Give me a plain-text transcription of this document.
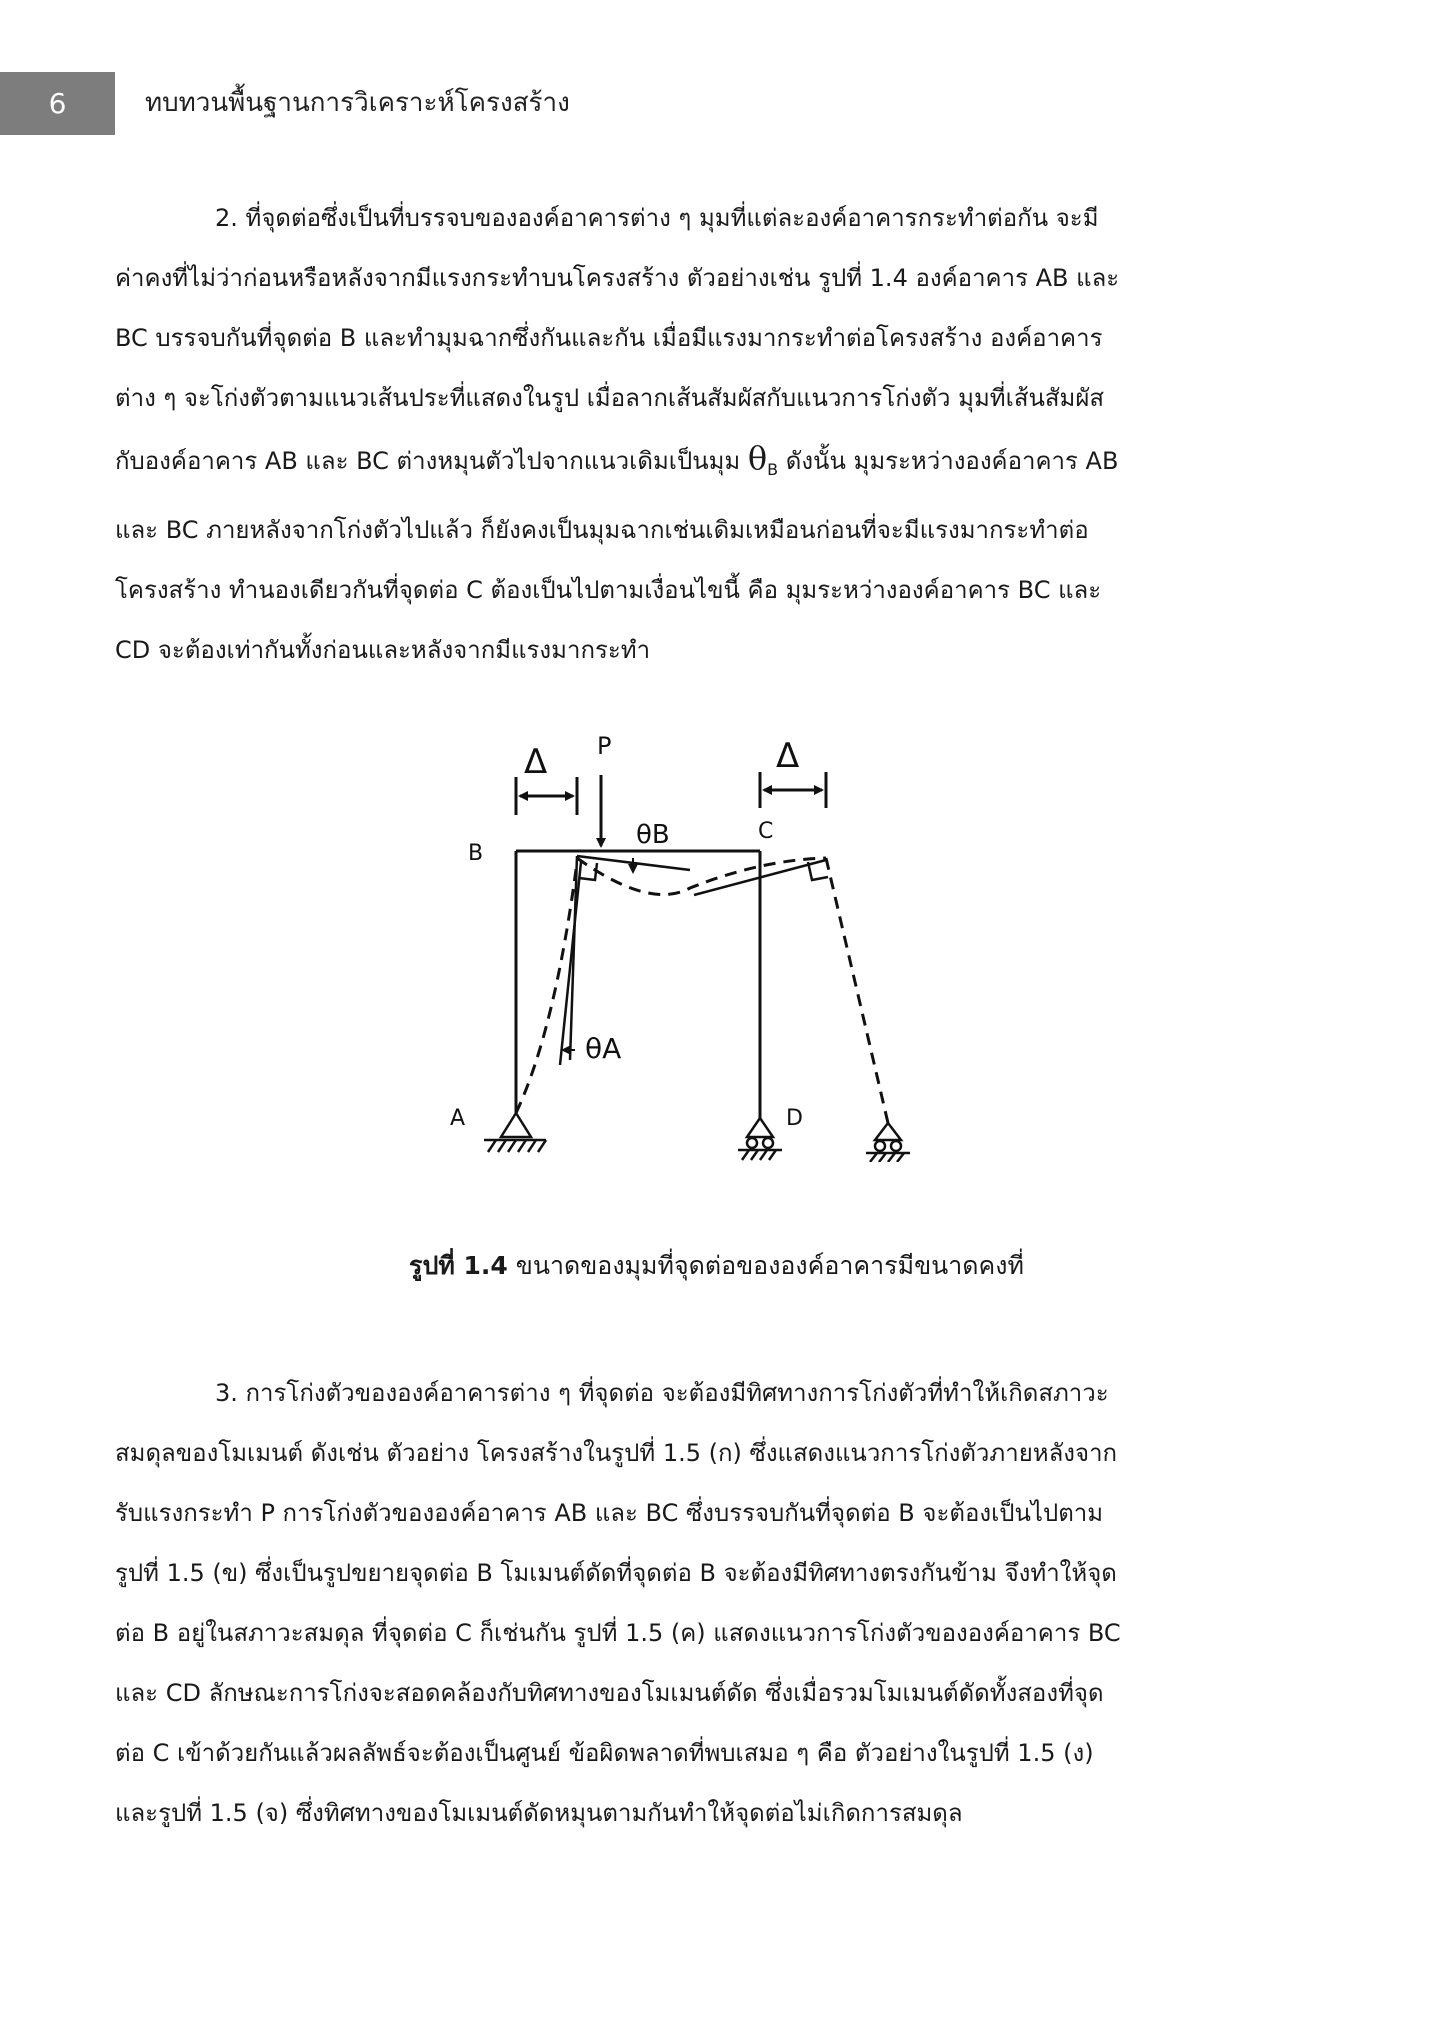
6	ทบทวนพื้นฐานการวิเคราะห์โครงสร้าง
2. ที่จุดต่อซึ่งเป็นที่บรรจบขององค์อาคารต่าง ๆ มุมที่แต่ละองค์อาคารกระทำต่อกัน จะมี
ค่าคงที่ไม่ว่าก่อนหรือหลังจากมีแรงกระทำบนโครงสร้าง ตัวอย่างเช่น รูปที่ 1.4 องค์อาคาร AB และ
BC บรรจบกันที่จุดต่อ B และทำมุมฉากซึ่งกันและกัน เมื่อมีแรงมากระทำต่อโครงสร้าง องค์อาคาร
ต่าง ๆ จะโก่งตัวตามแนวเส้นประที่แสดงในรูป เมื่อลากเส้นสัมผัสกับแนวการโก่งตัว มุมที่เส้นสัมผัส
กับองค์อาคาร AB และ BC ต่างหมุนตัวไปจากแนวเดิมเป็นมุม $\theta_B$ ดังนั้น มุมระหว่างองค์อาคาร AB
และ BC ภายหลังจากโก่งตัวไปแล้ว ก็ยังคงเป็นมุมฉากเช่นเดิมเหมือนก่อนที่จะมีแรงมากระทำต่อ
โครงสร้าง ทำนองเดียวกันที่จุดต่อ C ต้องเป็นไปตามเงื่อนไขนี้ คือ มุมระหว่างองค์อาคาร BC และ
CD จะต้องเท่ากันทั้งก่อนและหลังจากมีแรงมากระทำ
Δ	Δ
P
θB
B
C
θA
A	D
รูปที่ 1.4 ขนาดของมุมที่จุดต่อขององค์อาคารมีขนาดคงที่
3. การโก่งตัวขององค์อาคารต่าง ๆ ที่จุดต่อ จะต้องมีทิศทางการโก่งตัวที่ทำให้เกิดสภาวะ
สมดุลของโมเมนต์ ดังเช่น ตัวอย่าง โครงสร้างในรูปที่ 1.5 (ก) ซึ่งแสดงแนวการโก่งตัวภายหลังจาก
รับแรงกระทำ P การโก่งตัวขององค์อาคาร AB และ BC ซึ่งบรรจบกันที่จุดต่อ B จะต้องเป็นไปตาม
รูปที่ 1.5 (ข) ซึ่งเป็นรูปขยายจุดต่อ B โมเมนต์ดัดที่จุดต่อ B จะต้องมีทิศทางตรงกันข้าม จึงทำให้จุด
ต่อ B อยู่ในสภาวะสมดุล ที่จุดต่อ C ก็เช่นกัน รูปที่ 1.5 (ค) แสดงแนวการโก่งตัวขององค์อาคาร BC
และ CD ลักษณะการโก่งจะสอดคล้องกับทิศทางของโมเมนต์ดัด ซึ่งเมื่อรวมโมเมนต์ดัดทั้งสองที่จุด
ต่อ C เข้าด้วยกันแล้วผลลัพธ์จะต้องเป็นศูนย์ ข้อผิดพลาดที่พบเสมอ ๆ คือ ตัวอย่างในรูปที่ 1.5 (ง)
และรูปที่ 1.5 (จ) ซึ่งทิศทางของโมเมนต์ดัดหมุนตามกันทำให้จุดต่อไม่เกิดการสมดุล
